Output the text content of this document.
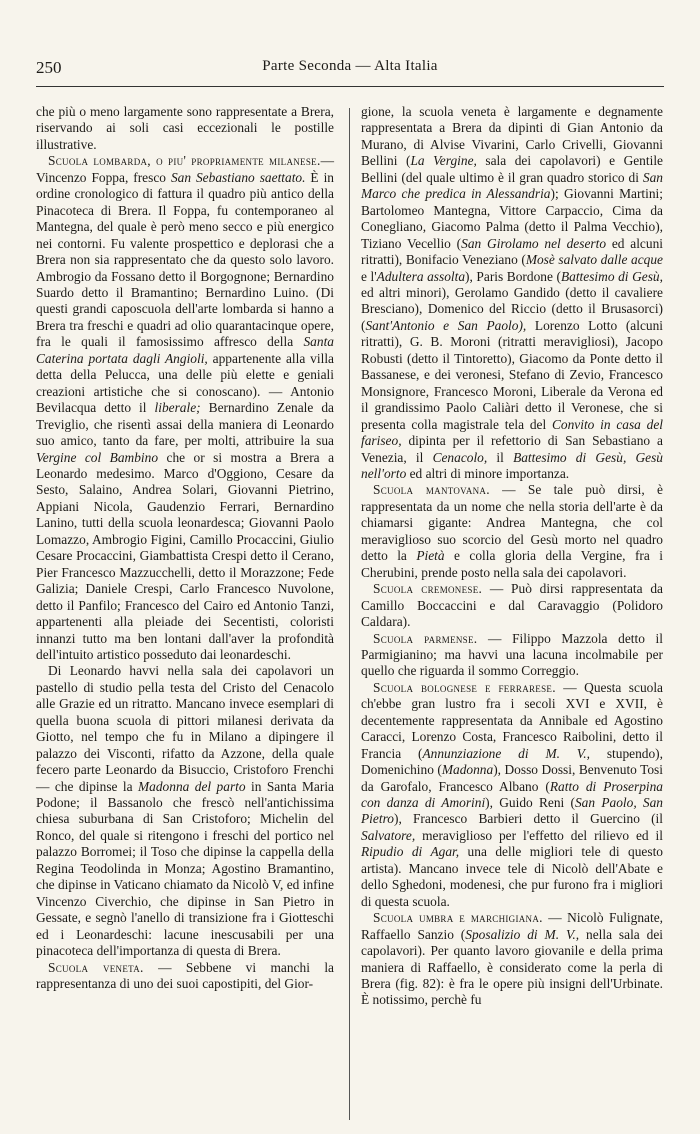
250	Parte Seconda — Alta Italia

che più o meno largamente sono rappresentate a Brera, riservando ai soli casi eccezionali le postille illustrative.

Scuola lombarda, o piu' propriamente milanese.—Vincenzo Foppa, fresco San Sebastiano saettato. È in ordine cronologico di fattura il quadro più antico della Pinacoteca di Brera. Il Foppa, fu contemporaneo al Mantegna, del quale è però meno secco e più energico nei contorni. Fu valente prospettico e deplorasi che a Brera non sia rappresentato che da questo solo lavoro. Ambrogio da Fossano detto il Borgognone; Bernardino Suardo detto il Bramantino; Bernardino Luino. (Di questi grandi caposcuola dell'arte lombarda si hanno a Brera tra freschi e quadri ad olio quarantacinque opere, fra le quali il famosissimo affresco della Santa Caterina portata dagli Angioli, appartenente alla villa detta della Pelucca, una delle più elette e geniali creazioni artistiche che si conoscano). — Antonio Bevilacqua detto il liberale; Bernardino Zenale da Treviglio, che risentì assai della maniera di Leonardo suo amico, tanto da fare, per molti, attribuire la sua Vergine col Bambino che or si mostra a Brera a Leonardo medesimo. Marco d'Oggiono, Cesare da Sesto, Salaino, Andrea Solari, Giovanni Pietrino, Appiani Nicola, Gaudenzio Ferrari, Bernardino Lanino, tutti della scuola leonardesca; Giovanni Paolo Lomazzo, Ambrogio Figini, Camillo Procaccini, Giulio Cesare Procaccini, Giambattista Crespi detto il Cerano, Pier Francesco Mazzucchelli, detto il Morazzone; Fede Galizia; Daniele Crespi, Carlo Francesco Nuvolone, detto il Panfilo; Francesco del Cairo ed Antonio Tanzi, appartenenti alla pleiade dei Secentisti, coloristi innanzi tutto ma ben lontani dall'aver la profondità dell'intuito artistico posseduto dai leonardeschi.

Di Leonardo havvi nella sala dei capolavori un pastello di studio pella testa del Cristo del Cenacolo alle Grazie ed un ritratto. Mancano invece esemplari di quella buona scuola di pittori milanesi derivata da Giotto, nel tempo che fu in Milano a dipingere il palazzo dei Visconti, rifatto da Azzone, della quale fecero parte Leonardo da Bisuccio, Cristoforo Frenchi — che dipinse la Madonna del parto in Santa Maria Podone; il Bassanolo che frescò nell'antichissima chiesa suburbana di San Cristoforo; Michelin del Ronco, del quale si ritengono i freschi del portico nel palazzo Borromei; il Toso che dipinse la cappella della Regina Teodolinda in Monza; Agostino Bramantino, che dipinse in Vaticano chiamato da Nicolò V, ed infine Vincenzo Civerchio, che dipinse in San Pietro in Gessate, e segnò l'anello di transizione fra i Giotteschi ed i Leonardeschi: lacune inescusabili per una pinacoteca dell'importanza di questa di Brera.

Scuola veneta. — Sebbene vi manchi la rappresentanza di uno dei suoi capostipiti, del Gior-

gione, la scuola veneta è largamente e degnamente rappresentata a Brera da dipinti di Gian Antonio da Murano, di Alvise Vivarini, Carlo Crivelli, Giovanni Bellini (La Vergine, sala dei capolavori) e Gentile Bellini (del quale ultimo è il gran quadro storico di San Marco che predica in Alessandria); Giovanni Martini; Bartolomeo Mantegna, Vittore Carpaccio, Cima da Conegliano, Giacomo Palma (detto il Palma Vecchio), Tiziano Vecellio (San Girolamo nel deserto ed alcuni ritratti), Bonifacio Veneziano (Mosè salvato dalle acque e l'Adultera assolta), Paris Bordone (Battesimo di Gesù, ed altri minori), Gerolamo Gandido (detto il cavaliere Bresciano), Domenico del Riccio (detto il Brusasorci) (Sant'Antonio e San Paolo), Lorenzo Lotto (alcuni ritratti), G. B. Moroni (ritratti meravigliosi), Jacopo Robusti (detto il Tintoretto), Giacomo da Ponte detto il Bassanese, e dei veronesi, Stefano di Zevio, Francesco Monsignore, Francesco Moroni, Liberale da Verona ed il grandissimo Paolo Caliàri detto il Veronese, che si presenta colla magistrale tela del Convito in casa del fariseo, dipinta per il refettorio di San Sebastiano a Venezia, il Cenacolo, il Battesimo di Gesù, Gesù nell'orto ed altri di minore importanza.

Scuola mantovana. — Se tale può dirsi, è rappresentata da un nome che nella storia dell'arte è da chiamarsi gigante: Andrea Mantegna, che col meraviglioso suo scorcio del Gesù morto nel quadro detto la Pietà e colla gloria della Vergine, fra i Cherubini, prende posto nella sala dei capolavori.

Scuola cremonese. — Può dirsi rappresentata da Camillo Boccaccini e dal Caravaggio (Polidoro Caldara).

Scuola parmense. — Filippo Mazzola detto il Parmigianino; ma havvi una lacuna incolmabile per quello che riguarda il sommo Correggio.

Scuola bolognese e ferrarese. — Questa scuola ch'ebbe gran lustro fra i secoli XVI e XVII, è decentemente rappresentata da Annibale ed Agostino Caracci, Lorenzo Costa, Francesco Raibolini, detto il Francia (Annunziazione di M. V., stupendo), Domenichino (Madonna), Dosso Dossi, Benvenuto Tosi da Garofalo, Francesco Albano (Ratto di Proserpina con danza di Amorini), Guido Reni (San Paolo, San Pietro), Francesco Barbieri detto il Guercino (il Salvatore, meraviglioso per l'effetto del rilievo ed il Ripudio di Agar, una delle migliori tele di questo artista). Mancano invece tele di Nicolò dell'Abate e dello Sghedoni, modenesi, che pur furono fra i migliori di questa scuola.

Scuola umbra e marchigiana. — Nicolò Fulignate, Raffaello Sanzio (Sposalizio di M. V., nella sala dei capolavori). Per quanto lavoro giovanile e della prima maniera di Raffaello, è considerato come la perla di Brera (fig. 82): è fra le opere più insigni dell'Urbinate. È notissimo, perchè fu
